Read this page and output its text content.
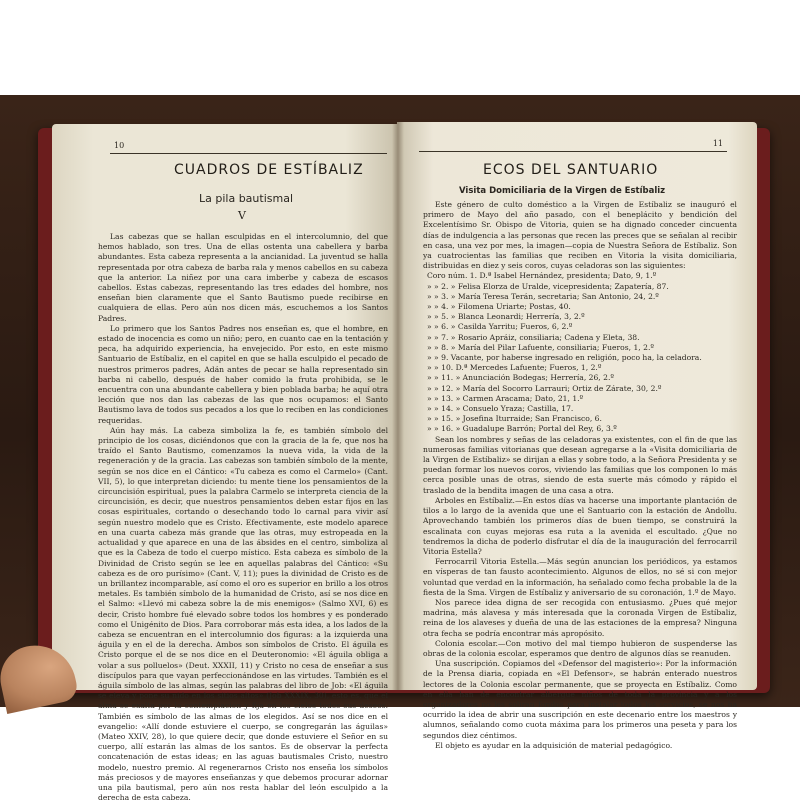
10
CUADROS DE ESTÍBALIZ
La pila bautismal
V

Las cabezas que se hallan esculpidas en el intercolumnio, del que hemos hablado, son tres. Una de ellas ostenta una cabellera y barba abundantes. Esta cabeza representa a la ancianidad. La juventud se halla representada por otra cabeza de barba rala y menos cabellos en su cabeza que la anterior. La niñez por una cara imberbe y cabeza de escasos cabellos. Estas cabezas, representando las tres edades del hombre, nos enseñan bien claramente que el Santo Bautismo puede recibirse en cualquiera de ellas. Pero aún nos dicen más, escuchemos a los Santos Padres.

Lo primero que los Santos Padres nos enseñan es, que el hombre, en estado de inocencia es como un niño; pero, en cuanto cae en la tentación y peca, ha adquirido experiencia, ha envejecido. Por esto, en este mismo Santuario de Estíbaliz, en el capitel en que se halla esculpido el pecado de nuestros primeros padres, Adán antes de pecar se halla representado sin barba ni cabello, después de haber comido la fruta prohibida, se le encuentra con una abundante cabellera y bien poblada barba; he aquí otra lección que nos dan las cabezas de las que nos ocupamos: el Santo Bautismo lava de todos sus pecados a los que lo reciben en las condiciones requeridas.

Aún hay más. La cabeza simboliza la fe, es también símbolo del principio de los cosas, diciéndonos que con la gracia de la fe, que nos ha traído el Santo Bautismo, comenzamos la nueva vida, la vida de la regeneración y de la gracia. Las cabezas son también símbolo de la mente, según se nos dice en el Cántico: «Tu cabeza es como el Carmelo» (Cant. VII, 5), lo que interpretan diciendo: tu mente tiene los pensamientos de la circuncisión espiritual, pues la palabra Carmelo se interpreta ciencia de la circuncisión, es decir, que nuestros pensamientos deben estar fijos en las cosas espirituales, cortando o desechando todo lo carnal para vivir así según nuestro modelo que es Cristo. Efectivamente, este modelo aparece en una cuarta cabeza más grande que las otras, muy estropeada en la actualidad y que aparece en una de las ábsides en el centro, simboliza al que es la Cabeza de todo el cuerpo místico. Esta cabeza es símbolo de la Divinidad de Cristo según se lee en aquellas palabras del Cántico: «Su cabeza es de oro purísimo» (Cant. V, 11); pues la divinidad de Cristo es de un brillantez incomparable, así como el oro es superior en brillo a los otros metales. Es también símbolo de la humanidad de Cristo, así se nos dice en el Salmo: «Llevó mi cabeza sobre la de mis enemigos» (Salmo XVI, 6) es decir, Cristo hombre fué elevado sobre todos los hombres y es ponderado como el Unigénito de Dios. Para corroborar más esta idea, a los lados de la cabeza se encuentran en el intercolumnio dos figuras: a la izquierda una águila y en el de la derecha. Ambos son símbolos de Cristo. El águila es Cristo porque el de se nos dice en el Deuteronomio: «El águila obliga a volar a sus polluelos» (Deut. XXXII, 11) y Cristo no cesa de enseñar a sus discípulos para que vayan perfeccionándose en las virtudes. También es el águila símbolo de las almas, según las palabras del libro de Job: «El águila se eleva y pone su nido en los sitios altos» (Job XXXIX, 30), esto es, que el alma se exalta por la contemplación y fija en los cielos todos sus deseos. También es símbolo de las almas de los elegidos. Así se nos dice en el evangelio: «Allí donde estuviere el cuerpo, se congregarán las águilas» (Mateo XXIV, 28), lo que quiere decir, que donde estuviere el Señor en su cuerpo, allí estarán las almas de los santos. Es de observar la perfecta concatenación de estas ideas; en las aguas bautismales Cristo, nuestro modelo, nuestro premio. Al regenerarnos Cristo nos enseña los símbolos más preciosos y de mayores enseñanzas y que debemos procurar adornar una pila bautismal, pero aún nos resta hablar del león esculpido a la derecha de esta cabeza.

11
ECOS DEL SANTUARIO
Visita Domiciliaria de la Virgen de Estíbaliz

Este género de culto doméstico a la Virgen de Estíbaliz se inauguró el primero de Mayo del año pasado, con el beneplácito y bendición del Excelentísimo Sr. Obispo de Vitoria, quien se ha dignado conceder cincuenta días de indulgencia a las personas que recen las preces que se señalan al recibir en casa, una vez por mes, la imagen—copia de Nuestra Señora de Estíbaliz. Son ya cuatrocientas las familias que reciben en Vitoria la visita domiciliaria, distribuidas en diez y seis coros, cuyas celadoras son las siguientes:

Coro núm. 1. D.ª Isabel Hernández, presidenta; Dato, 9, 1.º
» » 2. » Felisa Elorza de Uralde, vicepresidenta; Zapatería, 87.
» » 3. » María Teresa Terán, secretaria; San Antonio, 24, 2.º
» » 4. » Filomena Uriarte; Postas, 40.
» » 5. » Blanca Leonardi; Herrería, 3, 2.º
» » 6. » Casilda Yarritu; Fueros, 6, 2.º
» » 7. » Rosario Apráiz, consiliaria; Cadena y Eleta, 38.
» » 8. » María del Pilar Lafuente, consiliaria; Fueros, 1, 2.º
» » 9. Vacante, por haberse ingresado en religión, poco ha, la celadora.
» » 10. D.ª Mercedes Lafuente; Fueros, 1, 2.º
» » 11. » Anunciación Bodegas; Herrería, 26, 2.º
» » 12. » María del Socorro Larrauri; Ortiz de Zárate, 30, 2.º
» » 13. » Carmen Aracama; Dato, 21, 1.º
» » 14. » Consuelo Yraza; Castilla, 17.
» » 15. » Josefina Iturraide; San Francisco, 6.
» » 16. » Guadalupe Barrón; Portal del Rey, 6, 3.º

Sean los nombres y señas de las celadoras ya existentes, con el fin de que las numerosas familias vitorianas que desean agregarse a la «Visita domiciliaria de la Virgen de Estíbaliz» se dirijan a ellas y sobre todo, a la Señora Presidenta y se puedan formar los nuevos coros, viviendo las familias que los componen lo más cerca posible unas de otras, siendo de esta suerte más cómodo y rápido el traslado de la bendita imagen de una casa a otra.

Arboles en Estíbaliz.—En estos días va hacerse una importante plantación de tilos a lo largo de la avenida que une el Santuario con la estación de Andollu. Aprovechando también los primeros días de buen tiempo, se construirá la escalinata con cuyas mejoras esa ruta a la avenida el escultado. ¿Que no tendremos la dicha de poderlo disfrutar el día de la inauguración del ferrocarril Vitoria Estella?

Ferrocarril Vitoria Estella.—Más según anuncian los periódicos, ya estamos en vísperas de tan fausto acontecimiento. Algunos de ellos, no sé si con mejor voluntad que verdad en la información, ha señalado como fecha probable la de la fiesta de la Sma. Virgen de Estíbaliz y aniversario de su coronación, 1.º de Mayo.

Nos parece idea digna de ser recogida con entusiasmo. ¿Pues qué mejor madrina, más alavesa y más interesada que la coronada Virgen de Estíbaliz, reina de los alaveses y dueña de una de las estaciones de la empresa? Ninguna otra fecha se podría encontrar más apropósito.

Colonia escolar.—Con motivo del mal tiempo hubieron de suspenderse las obras de la colonia escolar, esperamos que dentro de algunos días se reanuden.

Una suscripción. Copiamos del «Defensor del magisterio»: Por la información de la Prensa diaria, copiada en «El Defensor», se habrán enterado nuestros lectores de la Colonia escolar permanente, que se proyecta en Estíbaliz. Como en ella han de encontrar albergue niños de toda la provincia y a los organizadores no les sobran fondos para instalar todos los servicios, se nos ha ocurrido la idea de abrir una suscripción en este decenario entre los maestros y alumnos, señalando como cuota máxima para los primeros una peseta y para los segundos diez céntimos.

El objeto es ayudar en la adquisición de material pedagógico.
